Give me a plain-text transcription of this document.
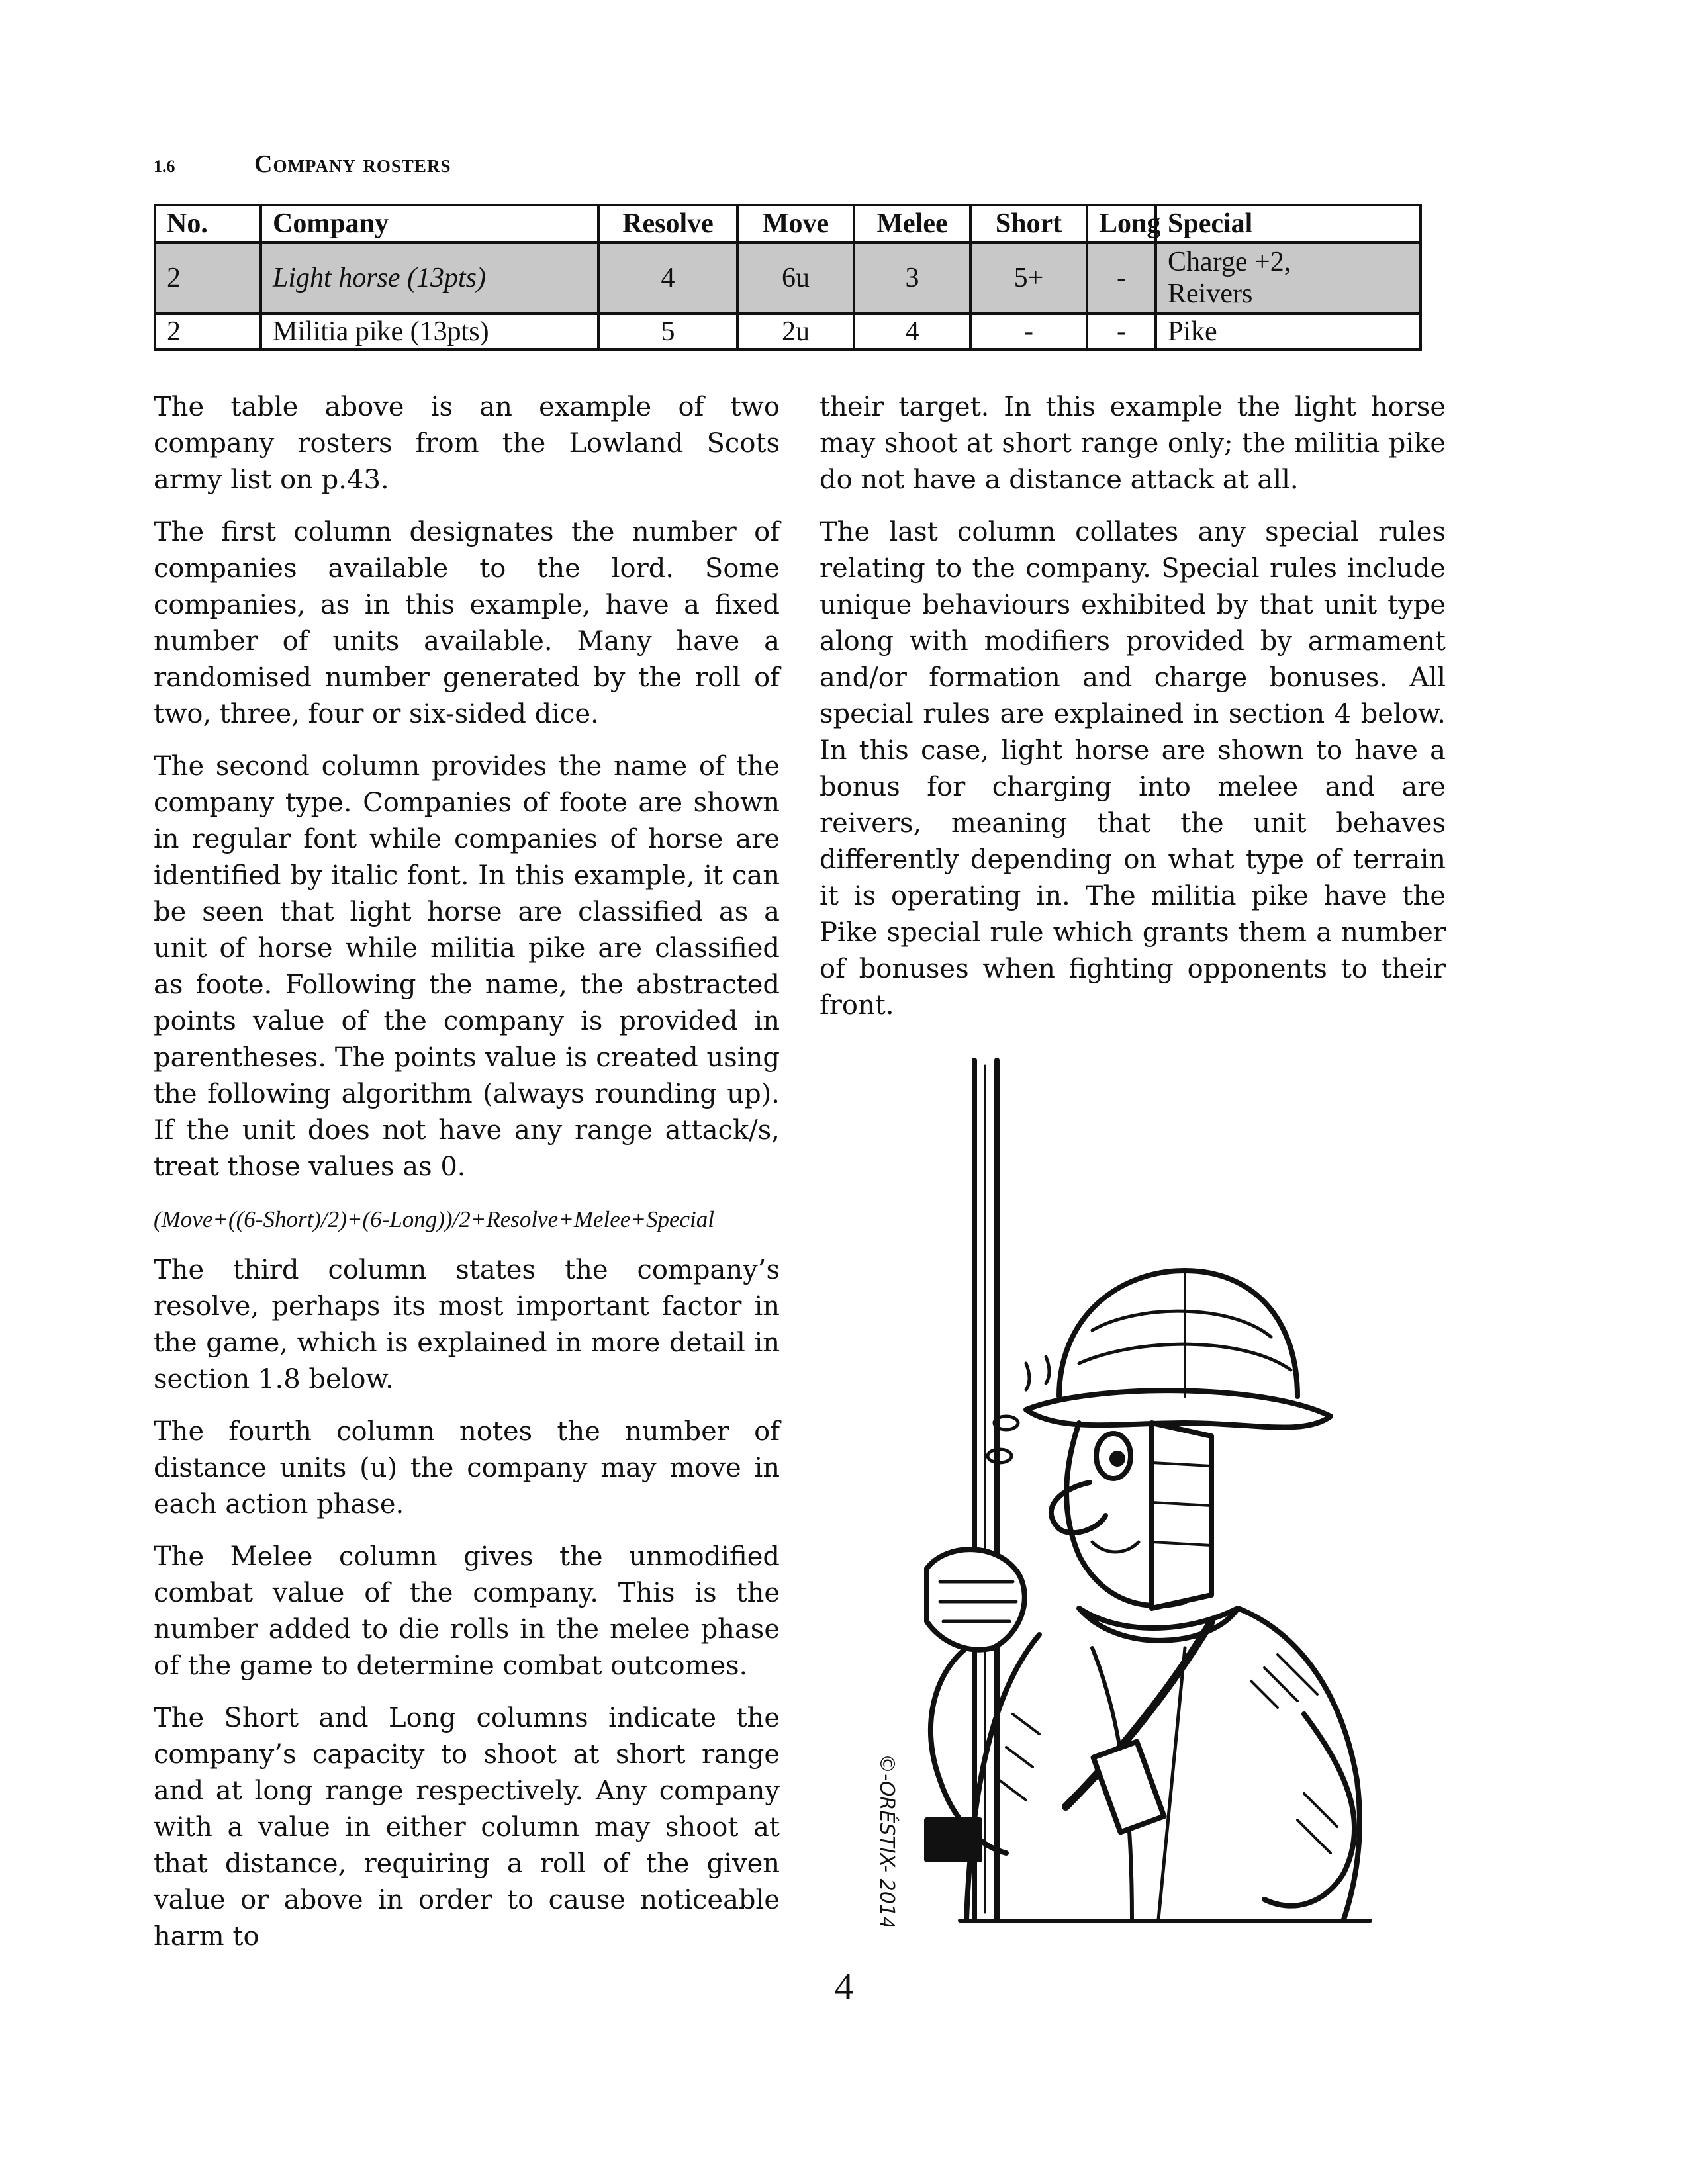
1.6	Company rosters
No.	Company	Resolve	Move	Melee	Short	Long	Special
2	Light horse (13pts)	4	6u	3	5+	-	Charge +2,
Reivers

2	Militia pike (13pts)	5	2u	4	-	-	Pike

The table above is an example of two company rosters from the Lowland Scots army list on p.43.

The first column designates the number of companies available to the lord. Some companies, as in this example, have a fixed number of units available. Many have a randomised number generated by the roll of two, three, four or six-sided dice.

The second column provides the name of the company type. Companies of foote are shown in regular font while companies of horse are identified by italic font. In this example, it can be seen that light horse are classified as a unit of horse while militia pike are classified as foote. Following the name, the abstracted points value of the company is provided in parentheses. The points value is created using the following algorithm (always rounding up). If the unit does not have any range attack/s, treat those values as 0.

(Move+((6-Short)/2)+(6-Long))/2+Resolve+Melee+Special

The third column states the company’s resolve, perhaps its most important factor in the game, which is explained in more detail in section 1.8 below.

The fourth column notes the number of distance units (u) the company may move in each action phase.

The Melee column gives the unmodified combat value of the company. This is the number added to die rolls in the melee phase of the game to determine combat outcomes.

The Short and Long columns indicate the company’s capacity to shoot at short range and at long range respectively. Any company with a value in either column may shoot at that distance, requiring a roll of the given value or above in order to cause noticeable harm to

their target. In this example the light horse may shoot at short range only; the militia pike do not have a distance attack at all.

The last column collates any special rules relating to the company. Special rules include unique behaviours exhibited by that unit type along with modifiers provided by armament and/or formation and charge bonuses. All special rules are explained in section 4 below. In this case, light horse are shown to have a bonus for charging into melee and are reivers, meaning that the unit behaves differently depending on what type of terrain it is operating in. The militia pike have the Pike special rule which grants them a number of bonuses when fighting opponents to their front.

©-ORÉSTIX- 2014
4
